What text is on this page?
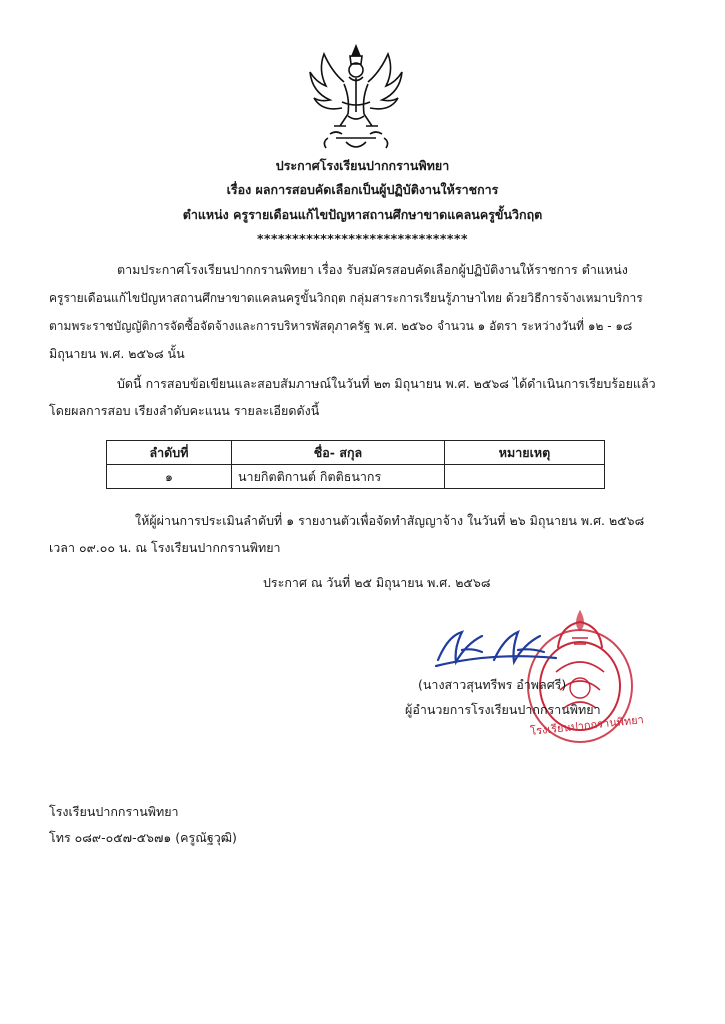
ประกาศโรงเรียนปากกรานพิทยา
เรื่อง ผลการสอบคัดเลือกเป็นผู้ปฏิบัติงานให้ราชการ
ตำแหน่ง ครูรายเดือนแก้ไขปัญหาสถานศึกษาขาดแคลนครูขั้นวิกฤต
******************************
ตามประกาศโรงเรียนปากกรานพิทยา เรื่อง รับสมัครสอบคัดเลือกผู้ปฏิบัติงานให้ราชการ ตำแหน่ง
ครูรายเดือนแก้ไขปัญหาสถานศึกษาขาดแคลนครูขั้นวิกฤต กลุ่มสาระการเรียนรู้ภาษาไทย ด้วยวิธีการจ้างเหมาบริการ
ตามพระราชบัญญัติการจัดซื้อจัดจ้างและการบริหารพัสดุภาครัฐ พ.ศ. ๒๕๖๐ จำนวน ๑ อัตรา ระหว่างวันที่ ๑๒ - ๑๘
มิถุนายน พ.ศ. ๒๕๖๘ นั้น
บัดนี้ การสอบข้อเขียนและสอบสัมภาษณ์ในวันที่ ๒๓ มิถุนายน พ.ศ. ๒๕๖๘ ได้ดำเนินการเรียบร้อยแล้ว
โดยผลการสอบ เรียงลำดับคะแนน รายละเอียดดังนี้
ลำดับที่	ชื่อ- สกุล	หมายเหตุ
๑	นายกิตติกานต์ กิตติธนากร	
ให้ผู้ผ่านการประเมินลำดับที่ ๑ รายงานตัวเพื่อจัดทำสัญญาจ้าง ในวันที่ ๒๖ มิถุนายน พ.ศ. ๒๕๖๘
เวลา ๐๙.๐๐ น. ณ โรงเรียนปากกรานพิทยา
ประกาศ ณ วันที่ ๒๕ มิถุนายน พ.ศ. ๒๕๖๘
โรงเรียนปากกรานพิทยา
(นางสาวสุนทรีพร อำพลศรี)
ผู้อำนวยการโรงเรียนปากกรานพิทยา
โรงเรียนปากกรานพิทยา
โทร ๐๘๙-๐๕๗-๕๖๗๑ (ครูณัฐวุฒิ)
